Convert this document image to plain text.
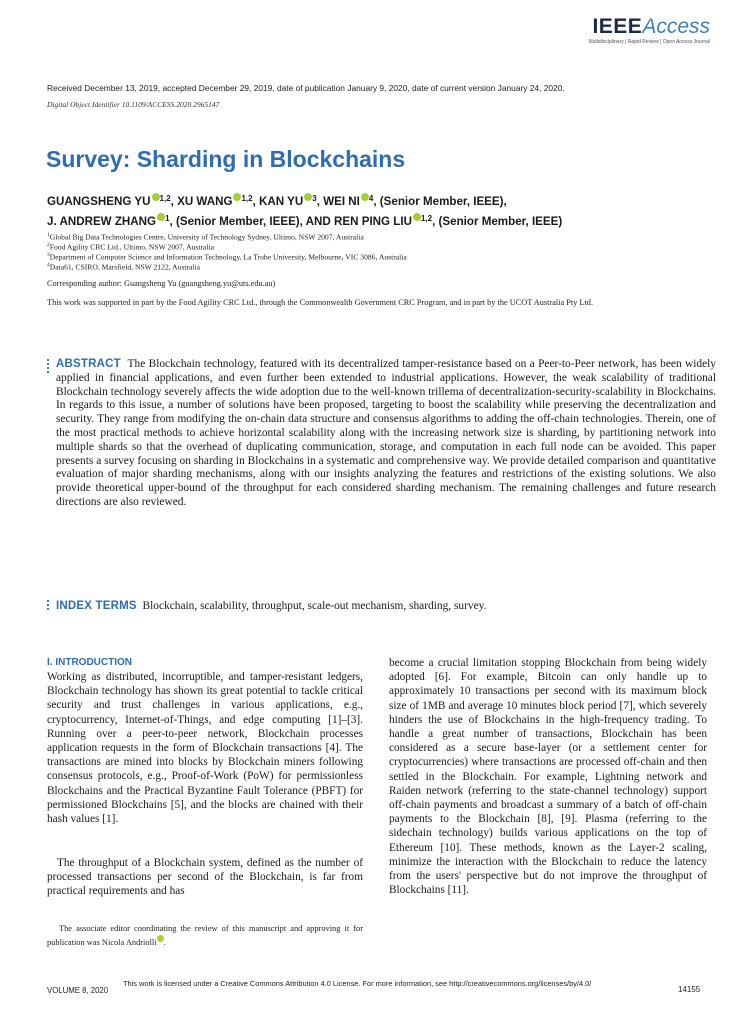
IEEEAccess
Multidisciplinary | Rapid Review | Open Access Journal
Received December 13, 2019, accepted December 29, 2019, date of publication January 9, 2020, date of current version January 24, 2020.
Digital Object Identifier 10.1109/ACCESS.2020.2965147
Survey: Sharding in Blockchains
GUANGSHENG YU $^{1,2}$, XU WANG $^{1,2}$, KAN YU $^3$, WEI NI $^4$, (Senior Member, IEEE),
J. ANDREW ZHANG $^1$, (Senior Member, IEEE), AND REN PING LIU $^{1,2}$, (Senior Member, IEEE)
$^1$Global Big Data Technologies Centre, University of Technology Sydney, Ultimo, NSW 2007, Australia
$^2$Food Agility CRC Ltd., Ultimo, NSW 2007, Australia
$^3$Department of Computer Science and Information Technology, La Trobe University, Melbourne, VIC 3086, Australia
$^4$Data61, CSIRO, Marsfield, NSW 2122, Australia
Corresponding author: Guangsheng Yu (guangsheng.yu@uts.edu.au)

This work was supported in part by the Food Agility CRC Ltd., through the Commonwealth Government CRC Program, and in part by the UCOT Australia Pty Ltd.

ABSTRACT The Blockchain technology, featured with its decentralized tamper-resistance based on a Peer-to-Peer network, has been widely applied in financial applications, and even further been extended to industrial applications. However, the weak scalability of traditional Blockchain technology severely affects the wide adoption due to the well-known trillema of decentralization-security-scalability in Blockchains. In regards to this issue, a number of solutions have been proposed, targeting to boost the scalability while preserving the decentralization and security. They range from modifying the on-chain data structure and consensus algorithms to adding the off-chain technologies. Therein, one of the most practical methods to achieve horizontal scalability along with the increasing network size is sharding, by partitioning network into multiple shards so that the overhead of duplicating communication, storage, and computation in each full node can be avoided. This paper presents a survey focusing on sharding in Blockchains in a systematic and comprehensive way. We provide detailed comparison and quantitative evaluation of major sharding mechanisms, along with our insights analyzing the features and restrictions of the existing solutions. We also provide theoretical upper-bound of the throughput for each considered sharding mechanism. The remaining challenges and future research directions are also reviewed.

INDEX TERMS Blockchain, scalability, throughput, scale-out mechanism, sharding, survey.
I. INTRODUCTION

Working as distributed, incorruptible, and tamper-resistant ledgers, Blockchain technology has shown its great potential to tackle critical security and trust challenges in various applications, e.g., cryptocurrency, Internet-of-Things, and edge computing [1]–[3]. Running over a peer-to-peer network, Blockchain processes application requests in the form of Blockchain transactions [4]. The transactions are mined into blocks by Blockchain miners following consensus protocols, e.g., Proof-of-Work (PoW) for permissionless Blockchains and the Practical Byzantine Fault Tolerance (PBFT) for permissioned Blockchains [5], and the blocks are chained with their hash values [1].

The throughput of a Blockchain system, defined as the number of processed transactions per second of the Blockchain, is far from practical requirements and has

become a crucial limitation stopping Blockchain from being widely adopted [6]. For example, Bitcoin can only handle up to approximately 10 transactions per second with its maximum block size of 1MB and average 10 minutes block period [7], which severely hinders the use of Blockchains in the high-frequency trading. To handle a great number of transactions, Blockchain has been considered as a secure base-layer (or a settlement center for cryptocurrencies) where transactions are processed off-chain and then settled in the Blockchain. For example, Lightning network and Raiden network (referring to the state-channel technology) support off-chain payments and broadcast a summary of a batch of off-chain payments to the Blockchain [8], [9]. Plasma (referring to the sidechain technology) builds various applications on the top of Ethereum [10]. These methods, known as the Layer-2 scaling, minimize the interaction with the Blockchain to reduce the latency from the users' perspective but do not improve the throughput of Blockchains [11].

The associate editor coordinating the review of this manuscript and approving it for publication was Nicola Andriolli .

VOLUME 8, 2020
This work is licensed under a Creative Commons Attribution 4.0 License. For more information, see http://creativecommons.org/licenses/by/4.0/
14155
